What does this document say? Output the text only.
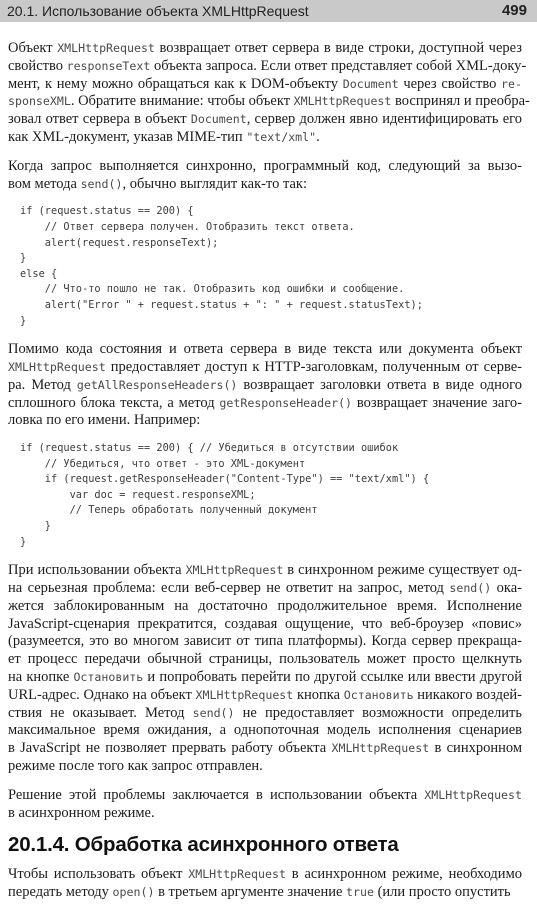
20.1. Использование объекта XMLHttpRequest	499

Объект XMLHttpRequest возвращает ответ сервера в виде строки, доступной через
свойство responseText объекта запроса. Если ответ представляет собой XML-доку-
мент, к нему можно обращаться как к DOM-объекту Document через свойство re-
sponseXML. Обратите внимание: чтобы объект XMLHttpRequest воспринял и преобра-
зовал ответ сервера в объект Document, сервер должен явно идентифицировать его
как XML-документ, указав MIME-тип "text/xml".

Когда запрос выполняется синхронно, программный код, следующий за вызо-
вом метода send(), обычно выглядит как-то так:

if (request.status == 200) {
// Ответ сервера получен. Отобразить текст ответа.
alert(request.responseText);
}
else {
// Что-то пошло не так. Отобразить код ошибки и сообщение.
alert("Error " + request.status + ": " + request.statusText);
}

Помимо кода состояния и ответа сервера в виде текста или документа объект
XMLHttpRequest предоставляет доступ к HTTP-заголовкам, полученным от серве-
ра. Метод getAllResponseHeaders() возвращает заголовки ответа в виде одного
сплошного блока текста, а метод getResponseHeader() возвращает значение заго-
ловка по его имени. Например:

if (request.status == 200) { // Убедиться в отсутствии ошибок
// Убедиться, что ответ - это XML-документ
if (request.getResponseHeader("Content-Type") == "text/xml") {
var doc = request.responseXML;
// Теперь обработать полученный документ
}
}

При использовании объекта XMLHttpRequest в синхронном режиме существует од-
на серьезная проблема: если веб-сервер не ответит на запрос, метод send() ока-
жется заблокированным на достаточно продолжительное время. Исполнение
JavaScript-сценария прекратится, создавая ощущение, что веб-броузер «повис»
(разумеется, это во многом зависит от типа платформы). Когда сервер прекраща-
ет процесс передачи обычной страницы, пользователь может просто щелкнуть
на кнопке Остановить и попробовать перейти по другой ссылке или ввести другой
URL-адрес. Однако на объект XMLHttpRequest кнопка Остановить никакого воздей-
ствия не оказывает. Метод send() не предоставляет возможности определить
максимальное время ожидания, а однопоточная модель исполнения сценариев
в JavaScript не позволяет прервать работу объекта XMLHttpRequest в синхронном
режиме после того как запрос отправлен.

Решение этой проблемы заключается в использовании объекта XMLHttpRequest
в асинхронном режиме.

20.1.4. Обработка асинхронного ответа

Чтобы использовать объект XMLHttpRequest в асинхронном режиме, необходимо
передать методу open() в третьем аргументе значение true (или просто опустить
